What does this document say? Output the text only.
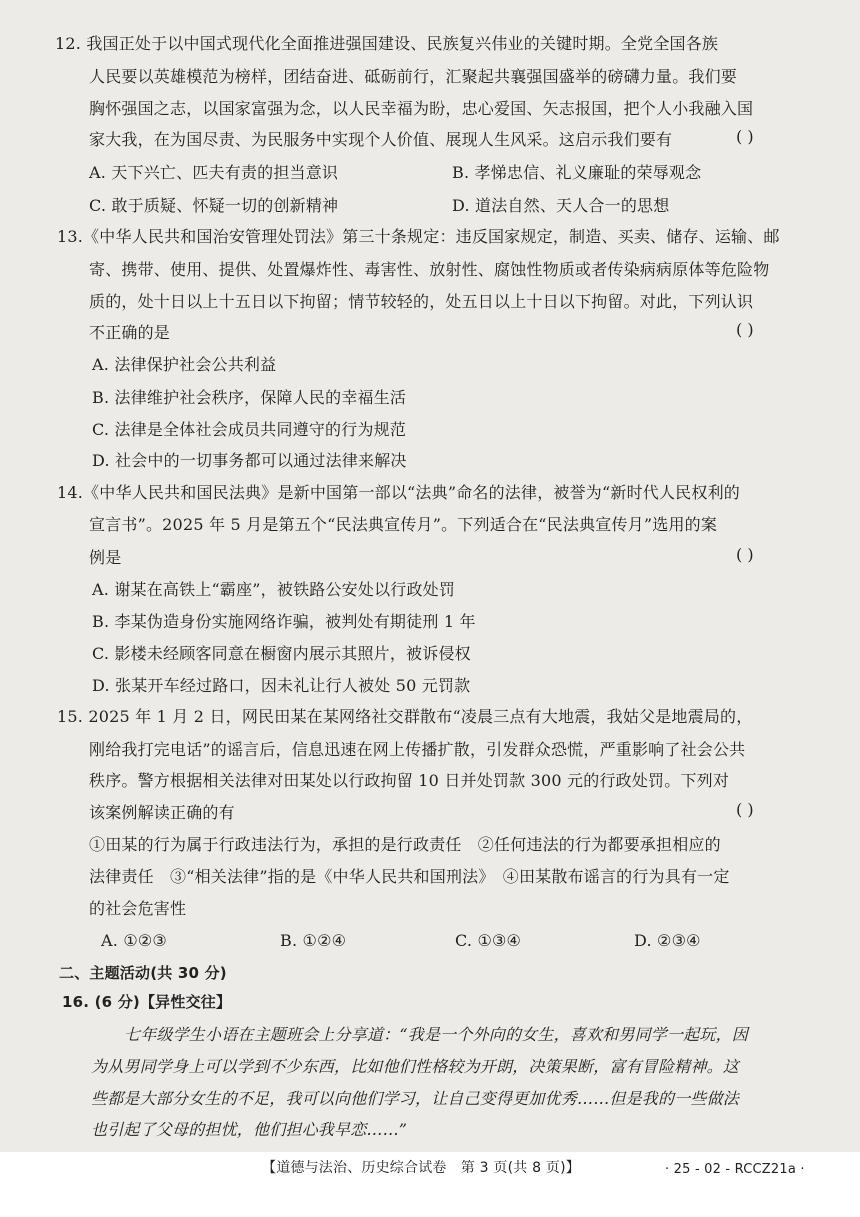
12. 我国正处于以中国式现代化全面推进强国建设、民族复兴伟业的关键时期。全党全国各族
人民要以英雄模范为榜样，团结奋进、砥砺前行，汇聚起共襄强国盛举的磅礴力量。我们要
胸怀强国之志，以国家富强为念，以人民幸福为盼，忠心爱国、矢志报国，把个人小我融入国
家大我，在为国尽责、为民服务中实现个人价值、展现人生风采。这启示我们要有	( )
A. 天下兴亡、匹夫有责的担当意识	B. 孝悌忠信、礼义廉耻的荣辱观念
C. 敢于质疑、怀疑一切的创新精神	D. 道法自然、天人合一的思想
13.《中华人民共和国治安管理处罚法》第三十条规定：违反国家规定，制造、买卖、储存、运输、邮
寄、携带、使用、提供、处置爆炸性、毒害性、放射性、腐蚀性物质或者传染病病原体等危险物
质的，处十日以上十五日以下拘留；情节较轻的，处五日以上十日以下拘留。对此，下列认识
不正确的是	( )
A. 法律保护社会公共利益
B. 法律维护社会秩序，保障人民的幸福生活
C. 法律是全体社会成员共同遵守的行为规范
D. 社会中的一切事务都可以通过法律来解决
14.《中华人民共和国民法典》是新中国第一部以“法典”命名的法律，被誉为“新时代人民权利的
宣言书”。2025 年 5 月是第五个“民法典宣传月”。下列适合在“民法典宣传月”选用的案
例是	( )
A. 谢某在高铁上“霸座”，被铁路公安处以行政处罚
B. 李某伪造身份实施网络诈骗，被判处有期徒刑 1 年
C. 影楼未经顾客同意在橱窗内展示其照片，被诉侵权
D. 张某开车经过路口，因未礼让行人被处 50 元罚款
15. 2025 年 1 月 2 日，网民田某在某网络社交群散布“凌晨三点有大地震，我姑父是地震局的，
刚给我打完电话”的谣言后，信息迅速在网上传播扩散，引发群众恐慌，严重影响了社会公共
秩序。警方根据相关法律对田某处以行政拘留 10 日并处罚款 300 元的行政处罚。下列对
该案例解读正确的有	( )
①田某的行为属于行政违法行为，承担的是行政责任　②任何违法的行为都要承担相应的
法律责任　③“相关法律”指的是《中华人民共和国刑法》　④田某散布谣言的行为具有一定
的社会危害性
A. ①②③	B. ①②④	C. ①③④	D. ②③④
二、主题活动(共 30 分)
16. (6 分)【异性交往】
七年级学生小语在主题班会上分享道：“我是一个外向的女生，喜欢和男同学一起玩，因
为从男同学身上可以学到不少东西，比如他们性格较为开朗，决策果断，富有冒险精神。这
些都是大部分女生的不足，我可以向他们学习，让自己变得更加优秀……但是我的一些做法
也引起了父母的担忧，他们担心我早恋……”
【道德与法治、历史综合试卷　第 3 页(共 8 页)】	· 25 - 02 - RCCZ21a ·
